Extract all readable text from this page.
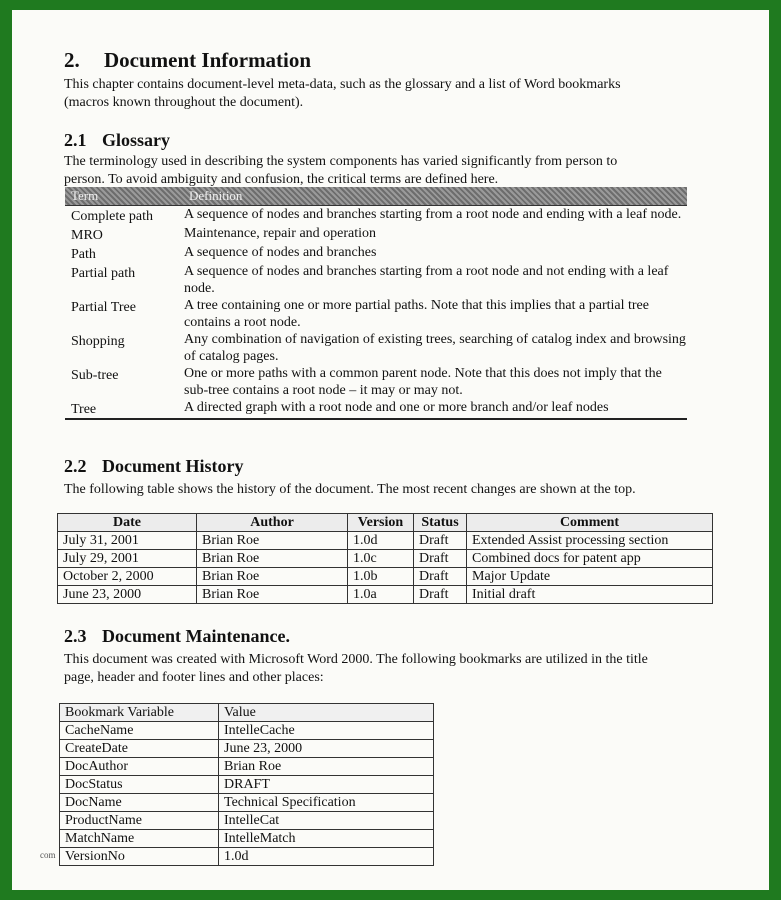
2. Document Information
This chapter contains document-level meta-data, such as the glossary and a list of Word bookmarks
(macros known throughout the document).
2.1 Glossary
The terminology used in describing the system components has varied significantly from person to
person. To avoid ambiguity and confusion, the critical terms are defined here.
Term	Definition
Complete path	A sequence of nodes and branches starting from a root node and ending with a leaf node.
MRO	Maintenance, repair and operation
Path	A sequence of nodes and branches
Partial path	A sequence of nodes and branches starting from a root node and not ending with a leaf node.
Partial Tree	A tree containing one or more partial paths. Note that this implies that a partial tree contains a root node.
Shopping	Any combination of navigation of existing trees, searching of catalog index and browsing of catalog pages.
Sub-tree	One or more paths with a common parent node. Note that this does not imply that the sub-tree contains a root node – it may or may not.
Tree	A directed graph with a root node and one or more branch and/or leaf nodes
2.2 Document History
The following table shows the history of the document. The most recent changes are shown at the top.
Date	Author	Version	Status	Comment
July 31, 2001	Brian Roe	1.0d	Draft	Extended Assist processing section
July 29, 2001	Brian Roe	1.0c	Draft	Combined docs for patent app
October 2, 2000	Brian Roe	1.0b	Draft	Major Update
June 23, 2000	Brian Roe	1.0a	Draft	Initial draft
2.3 Document Maintenance.
This document was created with Microsoft Word 2000. The following bookmarks are utilized in the title
page, header and footer lines and other places:
Bookmark Variable	Value
CacheName	IntelleCache
CreateDate	June 23, 2000
DocAuthor	Brian Roe
DocStatus	DRAFT
DocName	Technical Specification
ProductName	IntelleCat
MatchName	IntelleMatch
VersionNo	1.0d
com
